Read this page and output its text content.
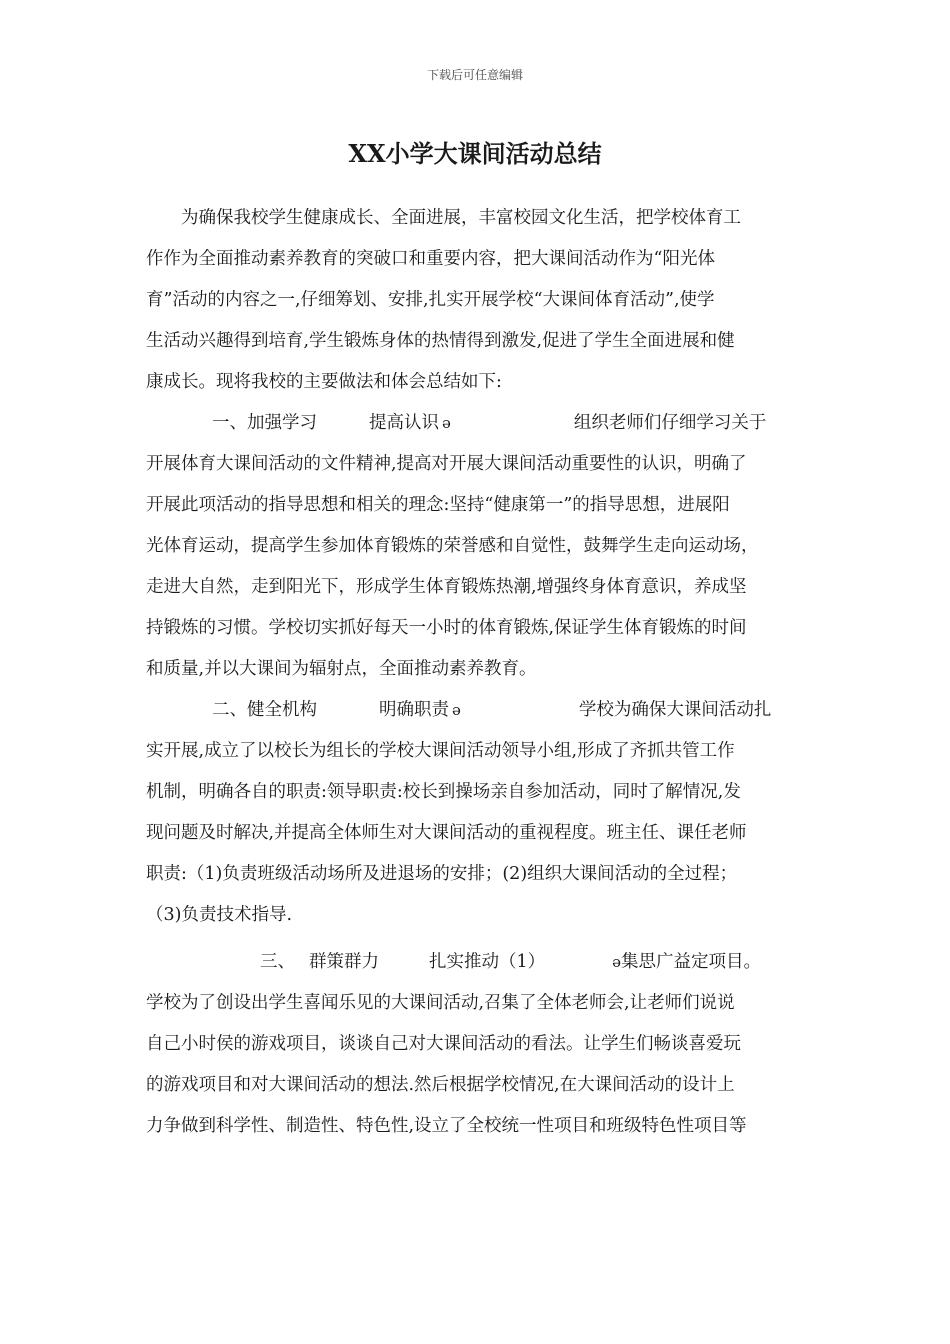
下载后可任意编辑
XX小学大课间活动总结
为确保我校学生健康成长、全面进展，丰富校园文化生活，把学校体育工
作作为全面推动素养教育的突破口和重要内容，把大课间活动作为“阳光体
育”活动的内容之一,仔细筹划、安排,扎实开展学校“大课间体育活动”,使学
生活动兴趣得到培育,学生锻炼身体的热情得到激发,促进了学生全面进展和健
康成长。现将我校的主要做法和体会总结如下:
一、加强学习	提高认识 ǝ	组织老师们仔细学习关于
开展体育大课间活动的文件精神,提高对开展大课间活动重要性的认识，明确了
开展此项活动的指导思想和相关的理念:坚持“健康第一”的指导思想，进展阳
光体育运动，提高学生参加体育锻炼的荣誉感和自觉性，鼓舞学生走向运动场，
走进大自然，走到阳光下，形成学生体育锻炼热潮,增强终身体育意识，养成坚
持锻炼的习惯。学校切实抓好每天一小时的体育锻炼,保证学生体育锻炼的时间
和质量,并以大课间为辐射点，全面推动素养教育。
二、健全机构	明确职责 ǝ	学校为确保大课间活动扎
实开展,成立了以校长为组长的学校大课间活动领导小组,形成了齐抓共管工作
机制，明确各自的职责:领导职责:校长到操场亲自参加活动，同时了解情况,发
现问题及时解决,并提高全体师生对大课间活动的重视程度。班主任、课任老师
职责:（1)负责班级活动场所及进退场的安排；(2)组织大课间活动的全过程；
（3)负责技术指导.
三、 群策群力	扎实推动（1）	ǝ 集思广益定项目。
学校为了创设出学生喜闻乐见的大课间活动,召集了全体老师会,让老师们说说
自己小时侯的游戏项目，谈谈自己对大课间活动的看法。让学生们畅谈喜爱玩
的游戏项目和对大课间活动的想法.然后根据学校情况,在大课间活动的设计上
力争做到科学性、制造性、特色性,设立了全校统一性项目和班级特色性项目等
